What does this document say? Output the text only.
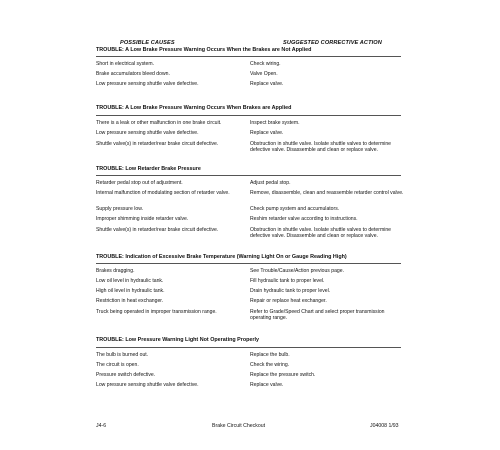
POSSIBLE CAUSES	SUGGESTED CORRECTIVE ACTION
TROUBLE: A Low Brake Pressure Warning Occurs When the Brakes are Not Applied
Short in electrical system.	Check wiring.
Brake accumulators bleed down.	Valve Open.
Low pressure sensing shuttle valve defective.	Replace valve.
TROUBLE: A Low Brake Pressure Warning Occurs When Brakes are Applied
There is a leak or other malfunction in one brake circuit.	Inspect brake system.
Low pressure sensing shuttle valve defective.	Replace valve.
Shuttle valve(s) in retarder/rear brake circuit defective.	Obstruction in shuttle valve. Isolate shuttle valves to determine defective valve. Disassemble and clean or replace valve.
TROUBLE: Low Retarder Brake Pressure
Retarder pedal stop out of adjustment.	Adjust pedal stop.
Internal malfunction of modulating section of retarder valve.	Remove, disassemble, clean and reassemble retarder control valve.
Supply pressure low.	Check pump system and accumulators.
Improper shimming inside retarder valve.	Reshim retarder valve according to instructions.
Shuttle valve(s) in retarder/rear brake circuit defective.	Obstruction in shuttle valve. Isolate shuttle valves to determine defective valve. Disassemble and clean or replace valve.
TROUBLE: Indication of Excessive Brake Temperature (Warning Light On or Gauge Reading High)
Brakes dragging.	See Trouble/Cause/Action previous page.
Low oil level in hydraulic tank.	Fill hydraulic tank to proper level.
High oil level in hydraulic tank.	Drain hydraulic tank to proper level.
Restriction in heat exchanger.	Repair or replace heat exchanger.
Truck being operated in improper transmission range.	Refer to Grade/Speed Chart and select proper transmission operating range.
TROUBLE: Low Pressure Warning Light Not Operating Properly
The bulb is burned out.	Replace the bulb.
The circuit is open.	Check the wiring.
Pressure switch defective.	Replace the pressure switch.
Low pressure sensing shuttle valve defective.	Replace valve.
J4-6	Brake Circuit Checkout	J04008 1/93
